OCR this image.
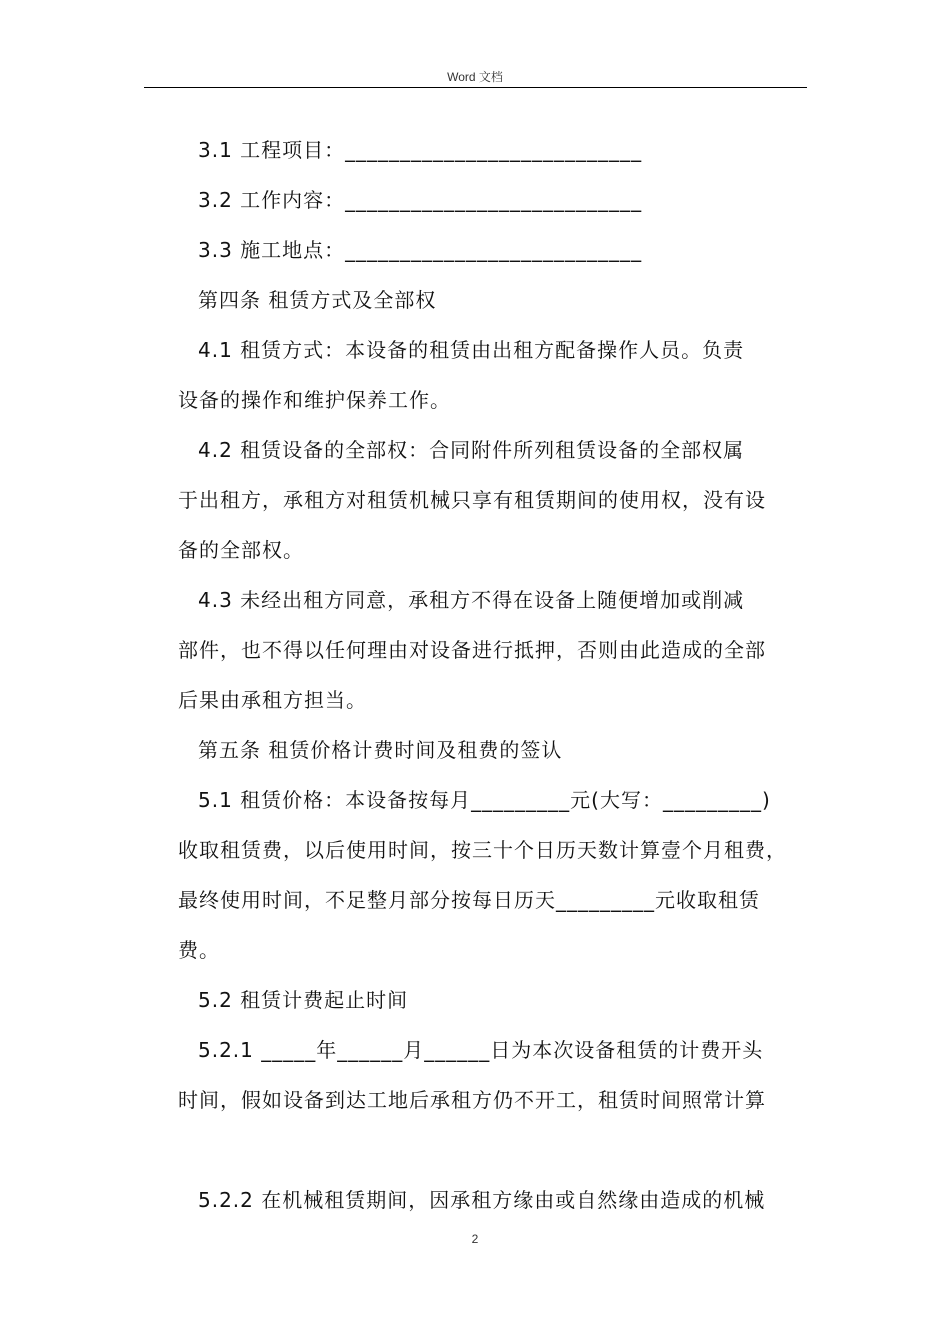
Word 文档
3.1 工程项目：___________________________
3.2 工作内容：___________________________
3.3 施工地点：___________________________
第四条 租赁方式及全部权
4.1 租赁方式：本设备的租赁由出租方配备操作人员。负责
设备的操作和维护保养工作。
4.2 租赁设备的全部权：合同附件所列租赁设备的全部权属
于出租方，承租方对租赁机械只享有租赁期间的使用权，没有设
备的全部权。
4.3 未经出租方同意，承租方不得在设备上随便增加或削减
部件，也不得以任何理由对设备进行抵押，否则由此造成的全部
后果由承租方担当。
第五条 租赁价格计费时间及租费的签认
5.1 租赁价格：本设备按每月_________元(大写：_________)
收取租赁费，以后使用时间，按三十个日历天数计算壹个月租费，
最终使用时间，不足整月部分按每日历天_________元收取租赁
费。
5.2 租赁计费起止时间
5.2.1 _____年______月______日为本次设备租赁的计费开头
时间，假如设备到达工地后承租方仍不开工，租赁时间照常计算
5.2.2 在机械租赁期间，因承租方缘由或自然缘由造成的机械
2
